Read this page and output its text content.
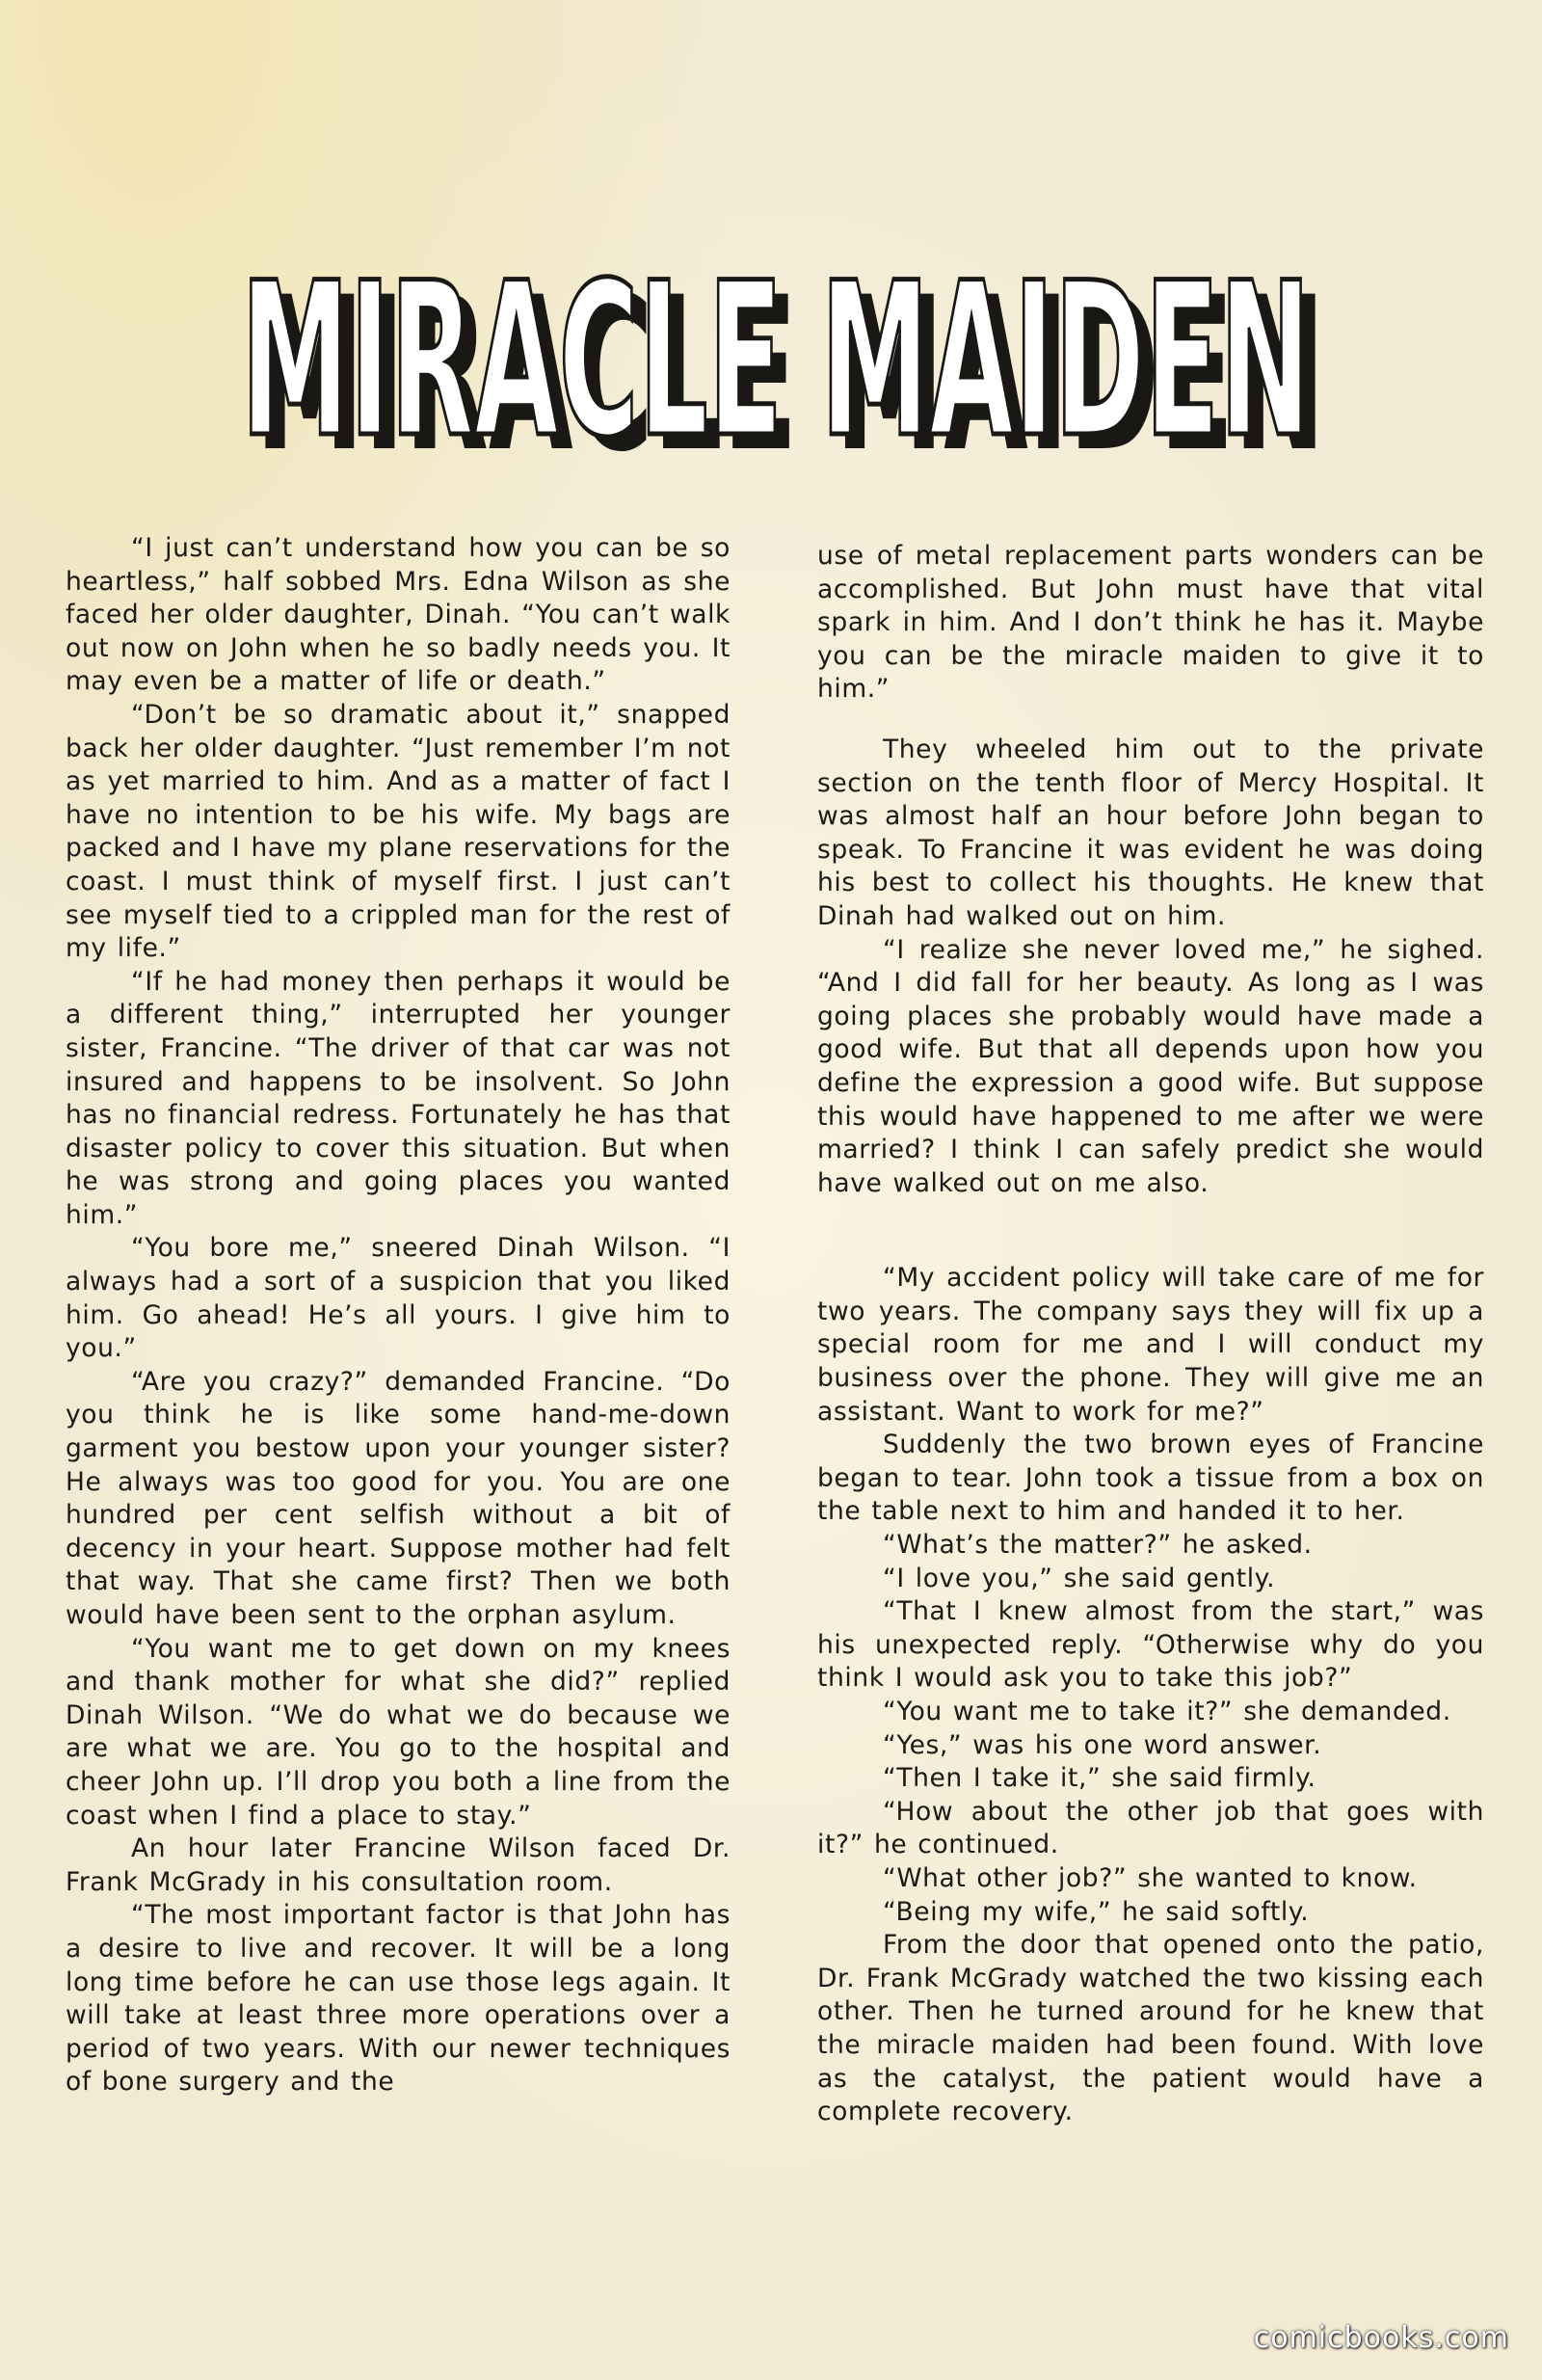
MIRACLE MAIDEN
MIRACLE MAIDEN

“I just can’t understand how you can be so heartless,” half sobbed Mrs. Edna Wilson as she faced her older daughter, Dinah. “You can’t walk out now on John when he so badly needs you. It may even be a matter of life or death.”

“Don’t be so dramatic about it,” snapped back her older daughter. “Just remember I’m not as yet married to him. And as a matter of fact I have no intention to be his wife. My bags are packed and I have my plane reservations for the coast. I must think of myself first. I just can’t see myself tied to a crippled man for the rest of my life.”

“If he had money then perhaps it would be a different thing,” interrupted her younger sister, Francine. “The driver of that car was not insured and happens to be insolvent. So John has no financial redress. Fortunately he has that disaster policy to cover this situation. But when he was strong and going places you wanted him.”

“You bore me,” sneered Dinah Wilson. “I always had a sort of a suspicion that you liked him. Go ahead! He’s all yours. I give him to you.”

“Are you crazy?” demanded Francine. “Do you think he is like some hand-me-down garment you bestow upon your younger sister? He always was too good for you. You are one hundred per cent selfish without a bit of decency in your heart. Suppose mother had felt that way. That she came first? Then we both would have been sent to the orphan asylum.

“You want me to get down on my knees and thank mother for what she did?” replied Dinah Wilson. “We do what we do because we are what we are. You go to the hospital and cheer John up. I’ll drop you both a line from the coast when I find a place to stay.”

An hour later Francine Wilson faced Dr. Frank McGrady in his consultation room.

“The most important factor is that John has a desire to live and recover. It will be a long long time before he can use those legs again. It will take at least three more operations over a period of two years. With our newer techniques of bone surgery and the

use of metal replacement parts wonders can be accomplished. But John must have that vital spark in him. And I don’t think he has it. Maybe you can be the miracle maiden to give it to him.”

They wheeled him out to the private section on the tenth floor of Mercy Hospital. It was almost half an hour before John began to speak. To Francine it was evident he was doing his best to collect his thoughts. He knew that Dinah had walked out on him.

“I realize she never loved me,” he sighed. “And I did fall for her beauty. As long as I was going places she probably would have made a good wife. But that all depends upon how you define the expression a good wife. But suppose this would have happened to me after we were married? I think I can safely predict she would have walked out on me also.

“My accident policy will take care of me for two years. The company says they will fix up a special room for me and I will conduct my business over the phone. They will give me an assistant. Want to work for me?”

Suddenly the two brown eyes of Francine began to tear. John took a tissue from a box on the table next to him and handed it to her.

“What’s the matter?” he asked.

“I love you,” she said gently.

“That I knew almost from the start,” was his unexpected reply. “Otherwise why do you think I would ask you to take this job?”

“You want me to take it?” she demanded.

“Yes,” was his one word answer.

“Then I take it,” she said firmly.

“How about the other job that goes with it?” he continued.

“What other job?” she wanted to know.

“Being my wife,” he said softly.

From the door that opened onto the patio, Dr. Frank McGrady watched the two kissing each other. Then he turned around for he knew that the miracle maiden had been found. With love as the catalyst, the patient would have a complete recovery.

comicbooks.com
